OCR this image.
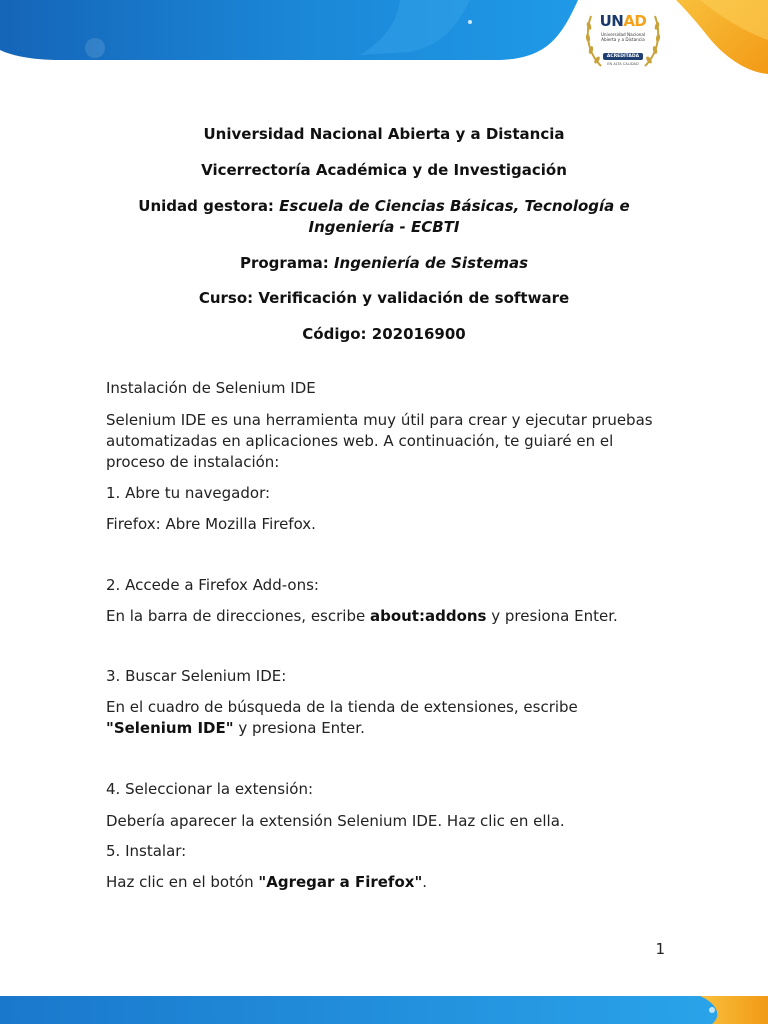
UNAD
Universidad Nacional
Abierta y a Distancia
ACREDITADA
EN ALTA CALIDAD

Universidad Nacional Abierta y a Distancia

Vicerrectoría Académica y de Investigación

Unidad gestora: Escuela de Ciencias Básicas, Tecnología e
Ingeniería - ECBTI

Programa: Ingeniería de Sistemas

Curso: Verificación y validación de software

Código: 202016900

Instalación de Selenium IDE
Selenium IDE es una herramienta muy útil para crear y ejecutar pruebas
automatizadas en aplicaciones web. A continuación, te guiaré en el
proceso de instalación:
1. Abre tu navegador:
Firefox: Abre Mozilla Firefox.
2. Accede a Firefox Add-ons:
En la barra de direcciones, escribe about:addons y presiona Enter.
3. Buscar Selenium IDE:
En el cuadro de búsqueda de la tienda de extensiones, escribe
"Selenium IDE" y presiona Enter.
4. Seleccionar la extensión:
Debería aparecer la extensión Selenium IDE. Haz clic en ella.
5. Instalar:
Haz clic en el botón "Agregar a Firefox".
1
